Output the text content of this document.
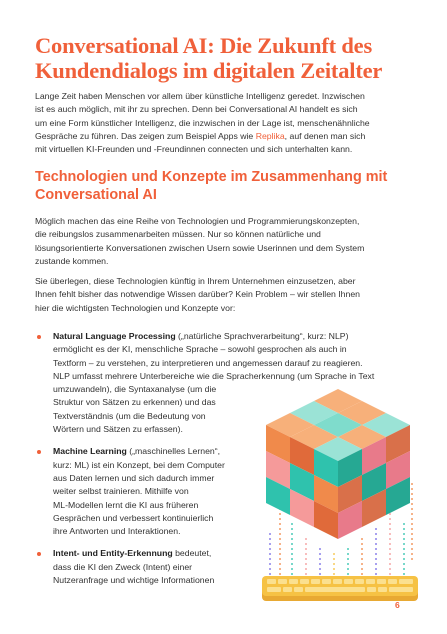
Conversational AI: Die Zukunft des
Kundendialogs im digitalen Zeitalter
Lange Zeit haben Menschen vor allem über künstliche Intelligenz geredet. Inzwischen
ist es auch möglich, mit ihr zu sprechen. Denn bei Conversational AI handelt es sich
um eine Form künstlicher Intelligenz, die inzwischen in der Lage ist, menschenähnliche
Gespräche zu führen. Das zeigen zum Beispiel Apps wie Replika, auf denen man sich
mit virtuellen KI-Freunden und -Freundinnen connecten und sich unterhalten kann.
Technologien und Konzepte im Zusammenhang mit
Conversational AI
Möglich machen das eine Reihe von Technologien und Programmierungskonzepten,
die reibungslos zusammenarbeiten müssen. Nur so können natürliche und
lösungsorientierte Konversationen zwischen Usern sowie Userinnen und dem System
zustande kommen.
Sie überlegen, diese Technologien künftig in Ihrem Unternehmen einzusetzen, aber
Ihnen fehlt bisher das notwendige Wissen darüber? Kein Problem – wir stellen Ihnen
hier die wichtigsten Technologien und Konzepte vor:
Natural Language Processing („natürliche Sprachverarbeitung“, kurz: NLP)
ermöglicht es der KI, menschliche Sprache – sowohl gesprochen als auch in
Textform – zu verstehen, zu interpretieren und angemessen darauf zu reagieren.
NLP umfasst mehrere Unterbereiche wie die Spracherkennung (um Sprache in Text
umzuwandeln), die Syntaxanalyse (um die
Struktur von Sätzen zu erkennen) und das
Textverständnis (um die Bedeutung von
Wörtern und Sätzen zu erfassen).
Machine Learning („maschinelles Lernen“,
kurz: ML) ist ein Konzept, bei dem Computer
aus Daten lernen und sich dadurch immer
weiter selbst trainieren. Mithilfe von
ML-Modellen lernt die KI aus früheren
Gesprächen und verbessert kontinuierlich
ihre Antworten und Interaktionen.
Intent- und Entity-Erkennung bedeutet,
dass die KI den Zweck (Intent) einer
Nutzeranfrage und wichtige Informationen
6
